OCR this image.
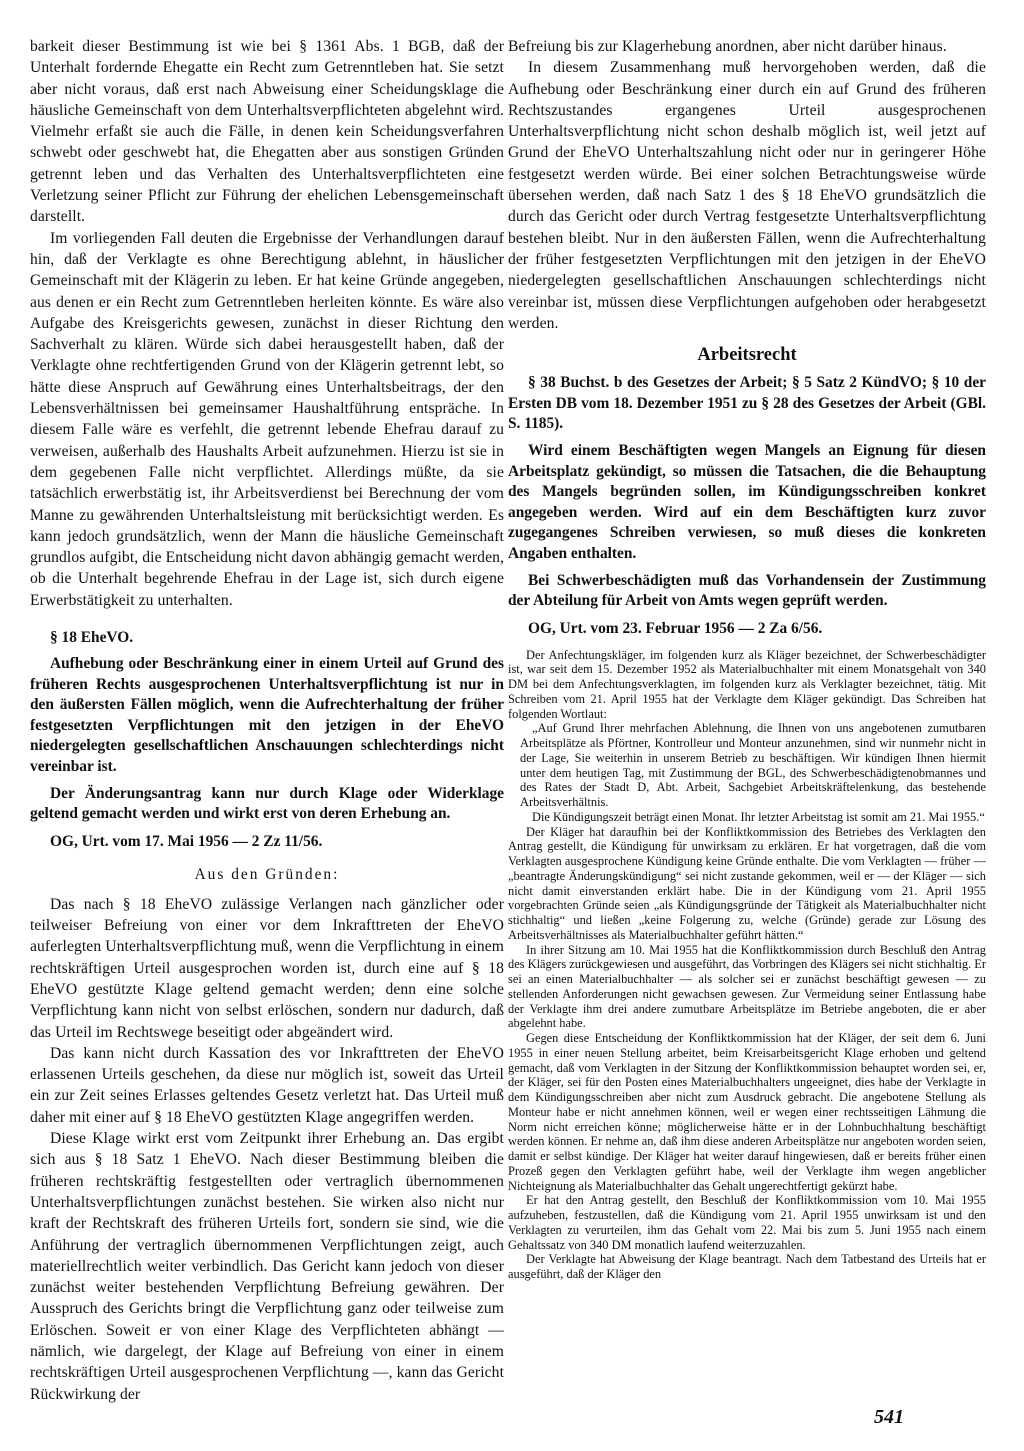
barkeit dieser Bestimmung ist wie bei § 1361 Abs. 1 BGB, daß der Unterhalt fordernde Ehegatte ein Recht zum Getrenntleben hat. Sie setzt aber nicht voraus, daß erst nach Abweisung einer Scheidungsklage die häusliche Gemeinschaft von dem Unterhaltsverpflichteten abgelehnt wird. Vielmehr erfaßt sie auch die Fälle, in denen kein Scheidungsverfahren schwebt oder geschwebt hat, die Ehegatten aber aus sonstigen Gründen getrennt leben und das Verhalten des Unterhaltsverpflichteten eine Verletzung seiner Pflicht zur Führung der ehelichen Lebensgemeinschaft darstellt.

Im vorliegenden Fall deuten die Ergebnisse der Verhandlungen darauf hin, daß der Verklagte es ohne Berechtigung ablehnt, in häuslicher Gemeinschaft mit der Klägerin zu leben. Er hat keine Gründe angegeben, aus denen er ein Recht zum Getrenntleben herleiten könnte. Es wäre also Aufgabe des Kreisgerichts gewesen, zunächst in dieser Richtung den Sachverhalt zu klären. Würde sich dabei herausgestellt haben, daß der Verklagte ohne rechtfertigenden Grund von der Klägerin getrennt lebt, so hätte diese Anspruch auf Gewährung eines Unterhaltsbeitrags, der den Lebensverhältnissen bei gemeinsamer Haushaltführung entspräche. In diesem Falle wäre es verfehlt, die getrennt lebende Ehefrau darauf zu verweisen, außerhalb des Haushalts Arbeit aufzunehmen. Hierzu ist sie in dem gegebenen Falle nicht verpflichtet. Allerdings müßte, da sie tatsächlich erwerbstätig ist, ihr Arbeitsverdienst bei Berechnung der vom Manne zu gewährenden Unterhaltsleistung mit berücksichtigt werden. Es kann jedoch grundsätzlich, wenn der Mann die häusliche Gemeinschaft grundlos aufgibt, die Entscheidung nicht davon abhängig gemacht werden, ob die Unterhalt begehrende Ehefrau in der Lage ist, sich durch eigene Erwerbstätigkeit zu unterhalten.

§ 18 EheVO.

Aufhebung oder Beschränkung einer in einem Urteil auf Grund des früheren Rechts ausgesprochenen Unterhaltsverpflichtung ist nur in den äußersten Fällen möglich, wenn die Aufrechterhaltung der früher festgesetzten Verpflichtungen mit den jetzigen in der EheVO niedergelegten gesellschaftlichen Anschauungen schlechterdings nicht vereinbar ist.

Der Änderungsantrag kann nur durch Klage oder Widerklage geltend gemacht werden und wirkt erst von deren Erhebung an.

OG, Urt. vom 17. Mai 1956 — 2 Zz 11/56.

Aus den Gründen:

Das nach § 18 EheVO zulässige Verlangen nach gänzlicher oder teilweiser Befreiung von einer vor dem Inkrafttreten der EheVO auferlegten Unterhaltsverpflichtung muß, wenn die Verpflichtung in einem rechtskräftigen Urteil ausgesprochen worden ist, durch eine auf § 18 EheVO gestützte Klage geltend gemacht werden; denn eine solche Verpflichtung kann nicht von selbst erlöschen, sondern nur dadurch, daß das Urteil im Rechtswege beseitigt oder abgeändert wird.

Das kann nicht durch Kassation des vor Inkrafttreten der EheVO erlassenen Urteils geschehen, da diese nur möglich ist, soweit das Urteil ein zur Zeit seines Erlasses geltendes Gesetz verletzt hat. Das Urteil muß daher mit einer auf § 18 EheVO gestützten Klage angegriffen werden.

Diese Klage wirkt erst vom Zeitpunkt ihrer Erhebung an. Das ergibt sich aus § 18 Satz 1 EheVO. Nach dieser Bestimmung bleiben die früheren rechtskräftig festgestellten oder vertraglich übernommenen Unterhaltsverpflichtungen zunächst bestehen. Sie wirken also nicht nur kraft der Rechtskraft des früheren Urteils fort, sondern sie sind, wie die Anführung der vertraglich übernommenen Verpflichtungen zeigt, auch materiellrechtlich weiter verbindlich. Das Gericht kann jedoch von dieser zunächst weiter bestehenden Verpflichtung Befreiung gewähren. Der Ausspruch des Gerichts bringt die Verpflichtung ganz oder teilweise zum Erlöschen. Soweit er von einer Klage des Verpflichteten abhängt — nämlich, wie dargelegt, der Klage auf Befreiung von einer in einem rechtskräftigen Urteil ausgesprochenen Verpflichtung —, kann das Gericht Rückwirkung der

Befreiung bis zur Klagerhebung anordnen, aber nicht darüber hinaus.

In diesem Zusammenhang muß hervorgehoben werden, daß die Aufhebung oder Beschränkung einer durch ein auf Grund des früheren Rechtszustandes ergangenes Urteil ausgesprochenen Unterhaltsverpflichtung nicht schon deshalb möglich ist, weil jetzt auf Grund der EheVO Unterhaltszahlung nicht oder nur in geringerer Höhe festgesetzt werden würde. Bei einer solchen Betrachtungsweise würde übersehen werden, daß nach Satz 1 des § 18 EheVO grundsätzlich die durch das Gericht oder durch Vertrag festgesetzte Unterhaltsverpflichtung bestehen bleibt. Nur in den äußersten Fällen, wenn die Aufrechterhaltung der früher festgesetzten Verpflichtungen mit den jetzigen in der EheVO niedergelegten gesellschaftlichen Anschauungen schlechterdings nicht vereinbar ist, müssen diese Verpflichtungen aufgehoben oder herabgesetzt werden.

Arbeitsrecht

§ 38 Buchst. b des Gesetzes der Arbeit; § 5 Satz 2 KündVO; § 10 der Ersten DB vom 18. Dezember 1951 zu § 28 des Gesetzes der Arbeit (GBl. S. 1185).

Wird einem Beschäftigten wegen Mangels an Eignung für diesen Arbeitsplatz gekündigt, so müssen die Tatsachen, die die Behauptung des Mangels begründen sollen, im Kündigungsschreiben konkret angegeben werden. Wird auf ein dem Beschäftigten kurz zuvor zugegangenes Schreiben verwiesen, so muß dieses die konkreten Angaben enthalten.

Bei Schwerbeschädigten muß das Vorhandensein der Zustimmung der Abteilung für Arbeit von Amts wegen geprüft werden.

OG, Urt. vom 23. Februar 1956 — 2 Za 6/56.

Der Anfechtungskläger, im folgenden kurz als Kläger bezeichnet, der Schwerbeschädigter ist, war seit dem 15. Dezember 1952 als Materialbuchhalter mit einem Monatsgehalt von 340 DM bei dem Anfechtungsverklagten, im folgenden kurz als Verklagter bezeichnet, tätig. Mit Schreiben vom 21. April 1955 hat der Verklagte dem Kläger gekündigt. Das Schreiben hat folgenden Wortlaut:

„Auf Grund Ihrer mehrfachen Ablehnung, die Ihnen von uns angebotenen zumutbaren Arbeitsplätze als Pförtner, Kontrolleur und Monteur anzunehmen, sind wir nunmehr nicht in der Lage, Sie weiterhin in unserem Betrieb zu beschäftigen. Wir kündigen Ihnen hiermit unter dem heutigen Tag, mit Zustimmung der BGL, des Schwerbeschädigtenobmannes und des Rates der Stadt D, Abt. Arbeit, Sachgebiet Arbeitskräftelenkung, das bestehende Arbeitsverhältnis.

Die Kündigungszeit beträgt einen Monat. Ihr letzter Arbeitstag ist somit am 21. Mai 1955.“

Der Kläger hat daraufhin bei der Konfliktkommission des Betriebes des Verklagten den Antrag gestellt, die Kündigung für unwirksam zu erklären. Er hat vorgetragen, daß die vom Verklagten ausgesprochene Kündigung keine Gründe enthalte. Die vom Verklagten — früher — „beantragte Änderungskündigung“ sei nicht zustande gekommen, weil er — der Kläger — sich nicht damit einverstanden erklärt habe. Die in der Kündigung vom 21. April 1955 vorgebrachten Gründe seien „als Kündigungsgründe der Tätigkeit als Materialbuchhalter nicht stichhaltig“ und ließen „keine Folgerung zu, welche (Gründe) gerade zur Lösung des Arbeitsverhältnisses als Materialbuchhalter geführt hätten.“

In ihrer Sitzung am 10. Mai 1955 hat die Konfliktkommission durch Beschluß den Antrag des Klägers zurückgewiesen und ausgeführt, das Vorbringen des Klägers sei nicht stichhaltig. Er sei an einen Materialbuchhalter — als solcher sei er zunächst beschäftigt gewesen — zu stellenden Anforderungen nicht gewachsen gewesen. Zur Vermeidung seiner Entlassung habe der Verklagte ihm drei andere zumutbare Arbeitsplätze im Betriebe angeboten, die er aber abgelehnt habe.

Gegen diese Entscheidung der Konfliktkommission hat der Kläger, der seit dem 6. Juni 1955 in einer neuen Stellung arbeitet, beim Kreisarbeitsgericht Klage erhoben und geltend gemacht, daß vom Verklagten in der Sitzung der Konfliktkommission behauptet worden sei, er, der Kläger, sei für den Posten eines Materialbuchhalters ungeeignet, dies habe der Verklagte in dem Kündigungsschreiben aber nicht zum Ausdruck gebracht. Die angebotene Stellung als Monteur habe er nicht annehmen können, weil er wegen einer rechtsseitigen Lähmung die Norm nicht erreichen könne; möglicherweise hätte er in der Lohnbuchhaltung beschäftigt werden können. Er nehme an, daß ihm diese anderen Arbeitsplätze nur angeboten worden seien, damit er selbst kündige. Der Kläger hat weiter darauf hingewiesen, daß er bereits früher einen Prozeß gegen den Verklagten geführt habe, weil der Verklagte ihm wegen angeblicher Nichteignung als Materialbuchhalter das Gehalt ungerechtfertigt gekürzt habe.

Er hat den Antrag gestellt, den Beschluß der Konfliktkommission vom 10. Mai 1955 aufzuheben, festzustellen, daß die Kündigung vom 21. April 1955 unwirksam ist und den Verklagten zu verurteilen, ihm das Gehalt vom 22. Mai bis zum 5. Juni 1955 nach einem Gehaltssatz von 340 DM monatlich laufend weiterzuzahlen.

Der Verklagte hat Abweisung der Klage beantragt. Nach dem Tatbestand des Urteils hat er ausgeführt, daß der Kläger den

541
